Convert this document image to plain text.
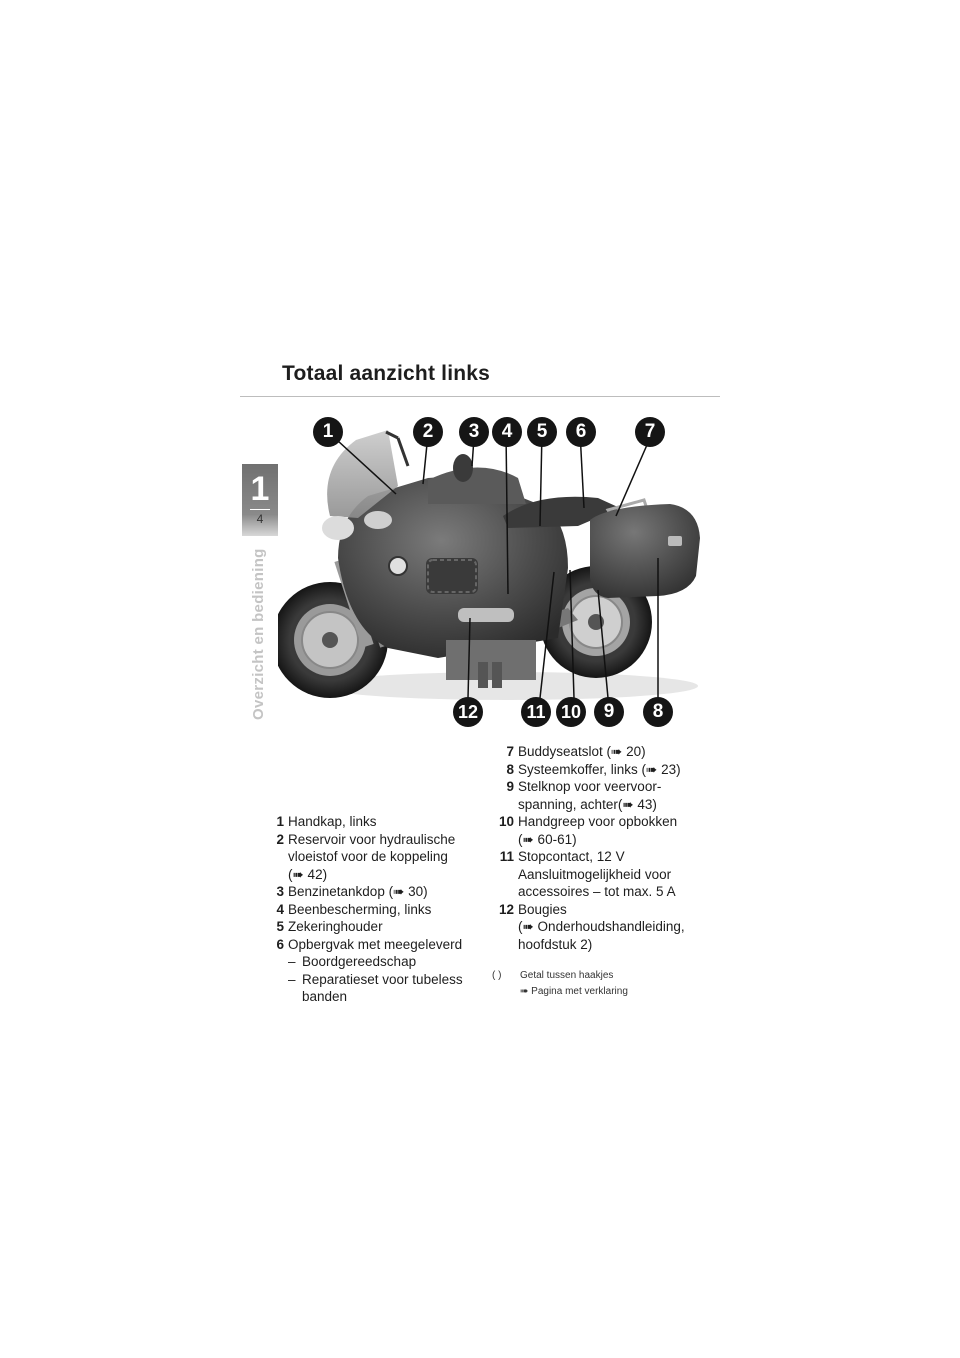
1
4
Overzicht en bediening
Totaal aanzicht links
1	2	3	4	5	6	7
8
9
10
11
12
1 Handkap, links
2 Reservoir voor hydraulische
vloeistof voor de koppeling
(➠ 42)
3 Benzinetankdop (➠ 30)
4 Beenbescherming, links
5 Zekeringhouder
6 Opbergvak met meegeleverd
– Boordgereedschap
– Reparatieset voor tubeless
banden
7 Buddyseatslot (➠ 20)
8 Systeemkoffer, links (➠ 23)
9 Stelknop voor veervoor-
spanning, achter(➠ 43)
10 Handgreep voor opbokken
(➠ 60-61)
11 Stopcontact, 12 V
Aansluitmogelijkheid voor
accessoires – tot max. 5 A
12 Bougies
(➠ Onderhoudshandleiding,
hoofdstuk 2)
( ) Getal tussen haakjes
➠ Pagina met verklaring
